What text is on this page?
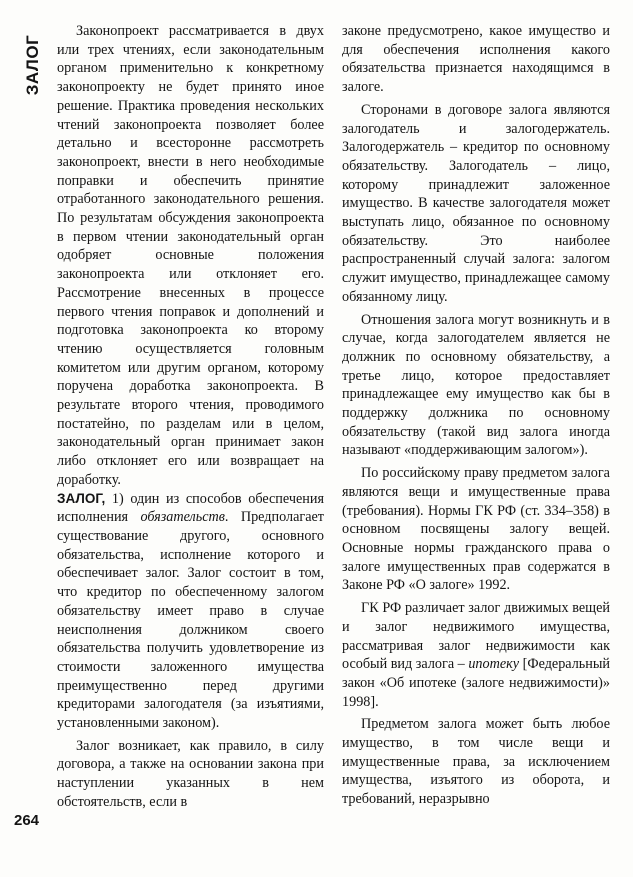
ЗАЛОГ

Законопроект рассматривается в двух или трех чтениях, если законодательным органом применительно к конкретному законопроекту не будет принято иное решение. Практика проведения нескольких чтений законопроекта позволяет более детально и всесторонне рассмотреть законопроект, внести в него необходимые поправки и обеспечить принятие отработанного законодательного решения. По результатам обсуждения законопроекта в первом чтении законодательный орган одобряет основные положения законопроекта или отклоняет его. Рассмотрение внесенных в процессе первого чтения поправок и дополнений и подготовка законопроекта ко второму чтению осуществляется головным комитетом или другим органом, которому поручена доработка законопроекта. В результате второго чтения, проводимого постатейно, по разделам или в целом, законодательный орган принимает закон либо отклоняет его или возвращает на доработку.

ЗАЛОГ, 1) один из способов обеспечения исполнения обязательств. Предполагает существование другого, основного обязательства, исполнение которого и обеспечивает залог. Залог состоит в том, что кредитор по обеспеченному залогом обязательству имеет право в случае неисполнения должником своего обязательства получить удовлетворение из стоимости заложенного имущества преимущественно перед другими кредиторами залогодателя (за изъятиями, установленными законом).

Залог возникает, как правило, в силу договора, а также на основании закона при наступлении указанных в нем обстоятельств, если в

законе предусмотрено, какое имущество и для обеспечения исполнения какого обязательства признается находящимся в залоге.

Сторонами в договоре залога являются залогодатель и залогодержатель. Залогодержатель – кредитор по основному обязательству. Залогодатель – лицо, которому принадлежит заложенное имущество. В качестве залогодателя может выступать лицо, обязанное по основному обязательству. Это наиболее распространенный случай залога: залогом служит имущество, принадлежащее самому обязанному лицу.

Отношения залога могут возникнуть и в случае, когда залогодателем является не должник по основному обязательству, а третье лицо, которое предоставляет принадлежащее ему имущество как бы в поддержку должника по основному обязательству (такой вид залога иногда называют «поддерживающим залогом»).

По российскому праву предметом залога являются вещи и имущественные права (требования). Нормы ГК РФ (ст. 334–358) в основном посвящены залогу вещей. Основные нормы гражданского права о залоге имущественных прав содержатся в Законе РФ «О залоге» 1992.

ГК РФ различает залог движимых вещей и залог недвижимого имущества, рассматривая залог недвижимости как особый вид залога – ипотеку [Федеральный закон «Об ипотеке (залоге недвижимости)» 1998].

Предметом залога может быть любое имущество, в том числе вещи и имущественные права, за исключением имущества, изъятого из оборота, и требований, неразрывно

264
